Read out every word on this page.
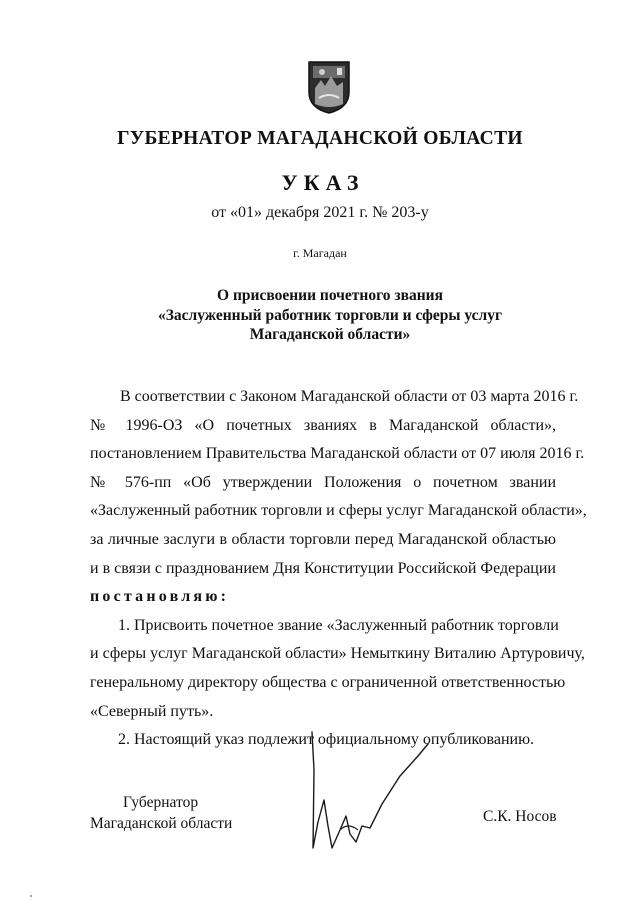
ГУБЕРНАТОР МАГАДАНСКОЙ ОБЛАСТИ
УКАЗ
от «01» декабря 2021 г. № 203-у
г. Магадан
О присвоении почетного звания
«Заслуженный работник торговли и сферы услуг
Магаданской области»
В соответствии с Законом Магаданской области от 03 марта 2016 г.
№ 1996-ОЗ «О почетных званиях в Магаданской области»,
постановлением Правительства Магаданской области от 07 июля 2016 г.
№ 576-пп «Об утверждении Положения о почетном звании
«Заслуженный работник торговли и сферы услуг Магаданской области»,
за личные заслуги в области торговли перед Магаданской областью
и в связи с празднованием Дня Конституции Российской Федерации
постановляю:
1. Присвоить почетное звание «Заслуженный работник торговли
и сферы услуг Магаданской области» Немыткину Виталию Артуровичу,
генеральному директору общества с ограниченной ответственностью
«Северный путь».
2. Настоящий указ подлежит официальному опубликованию.
Губернатор
Магаданской области	С.К. Носов
